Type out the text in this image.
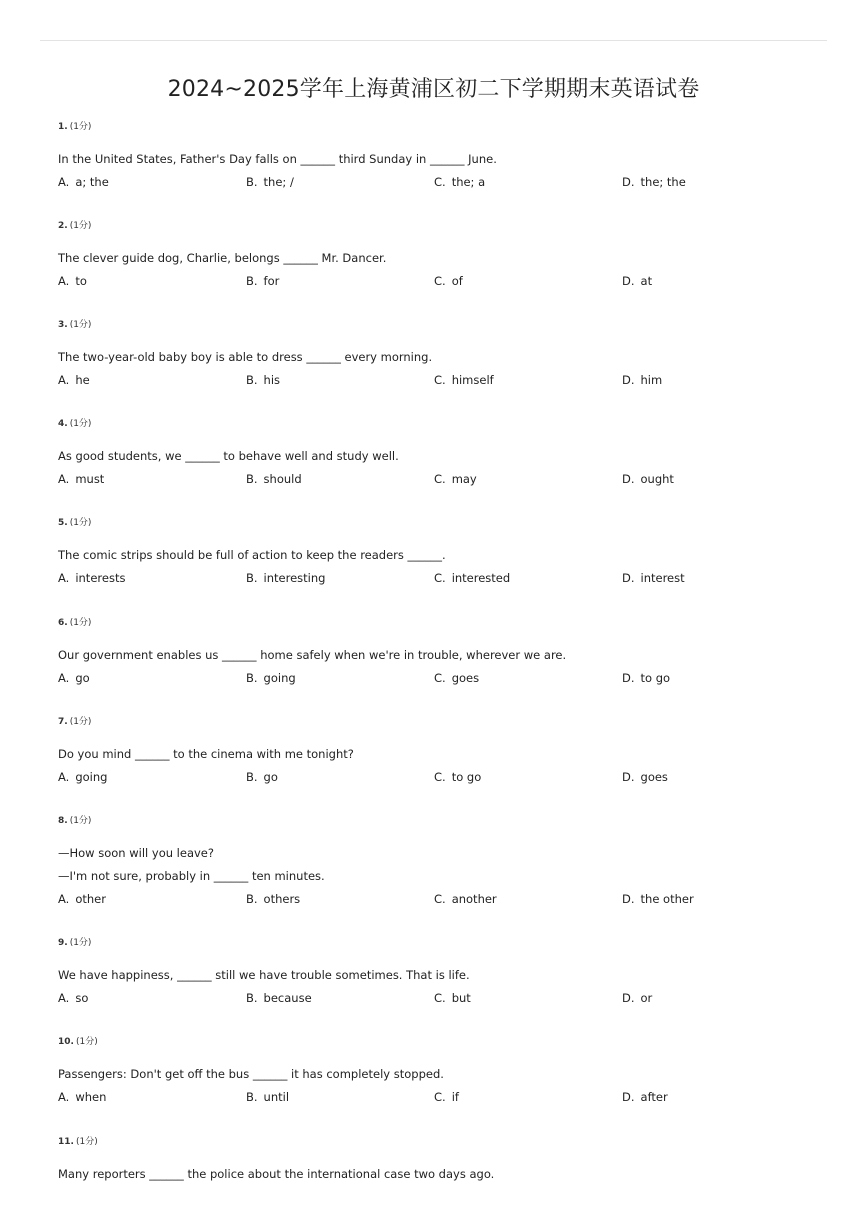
2024~2025学年上海黄浦区初二下学期期末英语试卷
1. (1分)
In the United States, Father's Day falls on ______ third Sunday in ______ June.
A. a; the	B. the; /	C. the; a	D. the; the
2. (1分)
The clever guide dog, Charlie, belongs ______ Mr. Dancer.
A. to	B. for	C. of	D. at
3. (1分)
The two-year-old baby boy is able to dress ______ every morning.
A. he	B. his	C. himself	D. him
4. (1分)
As good students, we ______ to behave well and study well.
A. must	B. should	C. may	D. ought
5. (1分)
The comic strips should be full of action to keep the readers ______.
A. interests	B. interesting	C. interested	D. interest
6. (1分)
Our government enables us ______ home safely when we're in trouble, wherever we are.
A. go	B. going	C. goes	D. to go
7. (1分)
Do you mind ______ to the cinema with me tonight?
A. going	B. go	C. to go	D. goes
8. (1分)
—How soon will you leave?
—I'm not sure, probably in ______ ten minutes.
A. other	B. others	C. another	D. the other
9. (1分)
We have happiness, ______ still we have trouble sometimes. That is life.
A. so	B. because	C. but	D. or
10. (1分)
Passengers: Don't get off the bus ______ it has completely stopped.
A. when	B. until	C. if	D. after
11. (1分)
Many reporters ______ the police about the international case two days ago.
